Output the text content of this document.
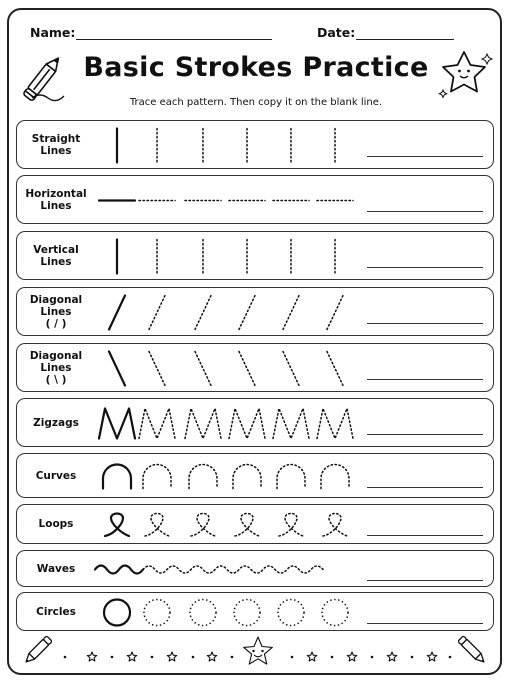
Name:	Date:
Basic Strokes Practice

Trace each pattern. Then copy it on the blank line.

Straight
Lines
Horizontal
Lines
Vertical
Lines
Diagonal
Lines
( / )
Diagonal
Lines
( \ )
Zigzags
Curves
Loops
Waves
Circles
